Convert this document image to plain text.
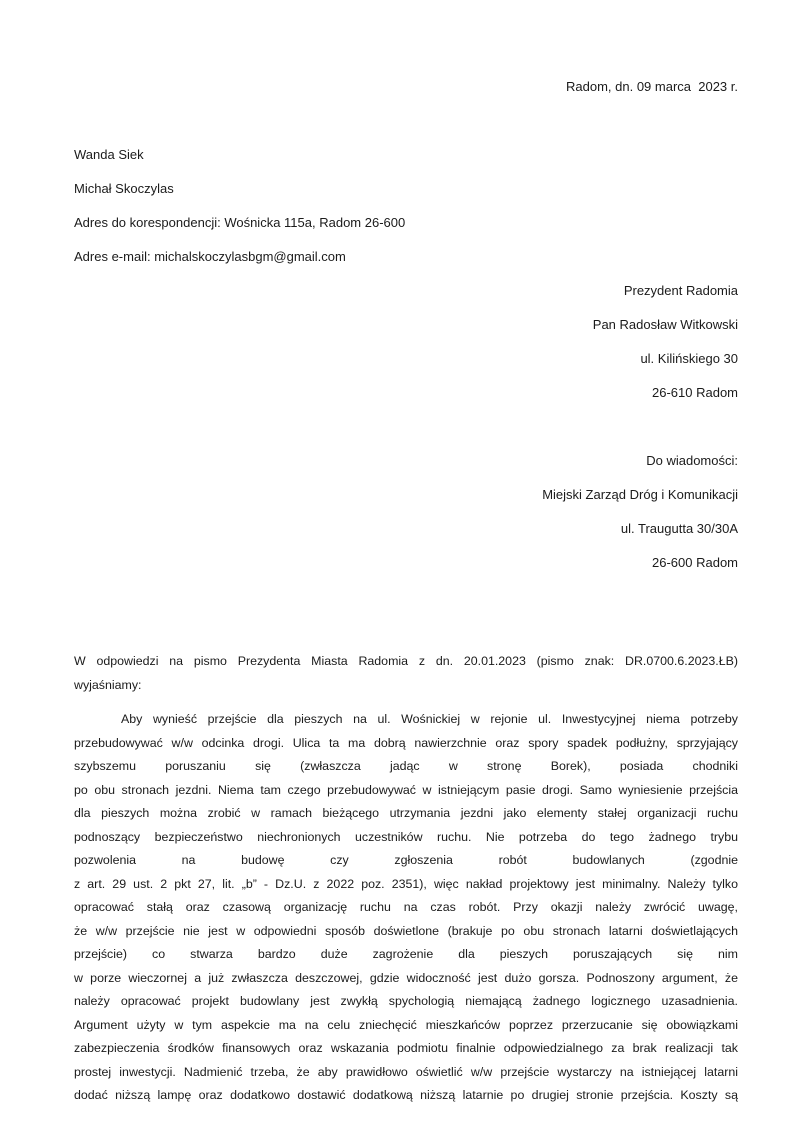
Radom, dn. 09 marca  2023 r.
Wanda Siek
Michał Skoczylas
Adres do korespondencji: Wośnicka 115a, Radom 26-600
Adres e-mail: michalskoczylasbgm@gmail.com
Prezydent Radomia
Pan Radosław Witkowski
ul. Kilińskiego 30
26-610 Radom
Do wiadomości:
Miejski Zarząd Dróg i Komunikacji
ul. Traugutta 30/30A
26-600 Radom
W odpowiedzi na pismo Prezydenta Miasta Radomia z dn. 20.01.2023 (pismo znak: DR.0700.6.2023.ŁB)
wyjaśniamy:
Aby wynieść przejście dla pieszych na ul. Wośnickiej w rejonie ul. Inwestycyjnej niema potrzeby
przebudowywać w/w odcinka drogi. Ulica ta ma dobrą nawierzchnie oraz spory spadek podłużny, sprzyjający
szybszemu poruszaniu się (zwłaszcza jadąc w stronę Borek), posiada chodniki
po obu stronach jezdni. Niema tam czego przebudowywać w istniejącym pasie drogi. Samo wyniesienie przejścia
dla pieszych można zrobić w ramach bieżącego utrzymania jezdni jako elementy stałej organizacji ruchu
podnoszący bezpieczeństwo niechronionych uczestników ruchu. Nie potrzeba do tego żadnego trybu
pozwolenia na budowę czy zgłoszenia robót budowlanych (zgodnie
z art. 29 ust. 2 pkt 27, lit. „b” - Dz.U. z 2022 poz. 2351), więc nakład projektowy jest minimalny. Należy tylko
opracować stałą oraz czasową organizację ruchu na czas robót. Przy okazji należy zwrócić uwagę,
że w/w przejście nie jest w odpowiedni sposób doświetlone (brakuje po obu stronach latarni doświetlających
przejście) co stwarza bardzo duże zagrożenie dla pieszych poruszających się nim
w porze wieczornej a już zwłaszcza deszczowej, gdzie widoczność jest dużo gorsza. Podnoszony argument, że
należy opracować projekt budowlany jest zwykłą spychologią niemającą żadnego logicznego uzasadnienia.
Argument użyty w tym aspekcie ma na celu zniechęcić mieszkańców poprzez przerzucanie się obowiązkami
zabezpieczenia środków finansowych oraz wskazania podmiotu finalnie odpowiedzialnego za brak realizacji tak
prostej inwestycji. Nadmienić trzeba, że aby prawidłowo oświetlić w/w przejście wystarczy na istniejącej latarni
dodać niższą lampę oraz dodatkowo dostawić dodatkową niższą latarnie po drugiej stronie przejścia. Koszty są
